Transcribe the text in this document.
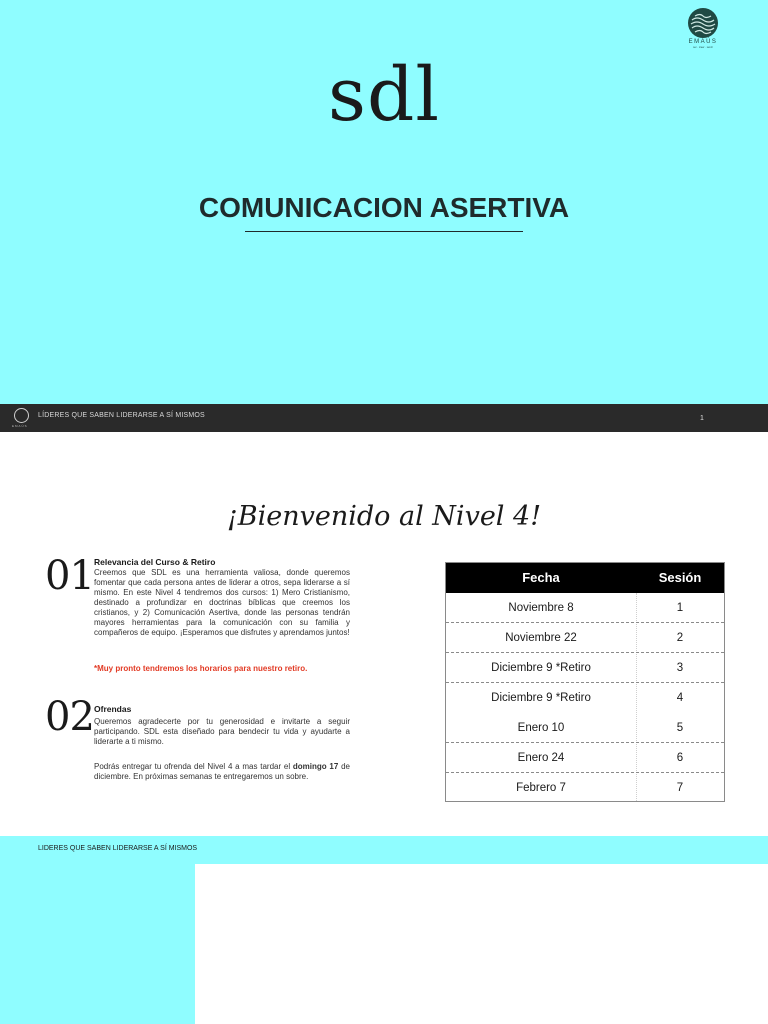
EMAÚS
ser · creer · servir
sdl
COMUNICACION ASERTIVA
EMAÚS
LÍDERES QUE SABEN LIDERARSE A SÍ MISMOS	1
¡Bienvenido al Nivel 4!
01 Relevancia del Curso & Retiro
Creemos que SDL es una herramienta valiosa, donde queremos fomentar que cada persona antes de liderar a otros, sepa liderarse a sí mismo. En este Nivel 4 tendremos dos cursos: 1) Mero Cristianismo, destinado a profundizar en doctrinas bíblicas que creemos los cristianos, y 2) Comunicación Asertiva, donde las personas tendrán mayores herramientas para la comunicación con su familia y compañeros de equipo. ¡Esperamos que disfrutes y aprendamos juntos!
*Muy pronto tendremos los horarios para nuestro retiro.
02 Ofrendas
Queremos agradecerte por tu generosidad e invitarte a seguir participando. SDL esta diseñado para bendecir tu vida y ayudarte a liderarte a ti mismo.
Podrás entregar tu ofrenda del Nivel 4 a mas tardar el domingo 17 de diciembre. En próximas semanas te entregaremos un sobre.
Fecha	Sesión
Noviembre 8	1
Noviembre 22	2
Diciembre 9 *Retiro	3
Diciembre 9 *Retiro	4
Enero 10	5
Enero 24	6
Febrero 7	7
LIDERES QUE SABEN LIDERARSE A SÍ MISMOS
